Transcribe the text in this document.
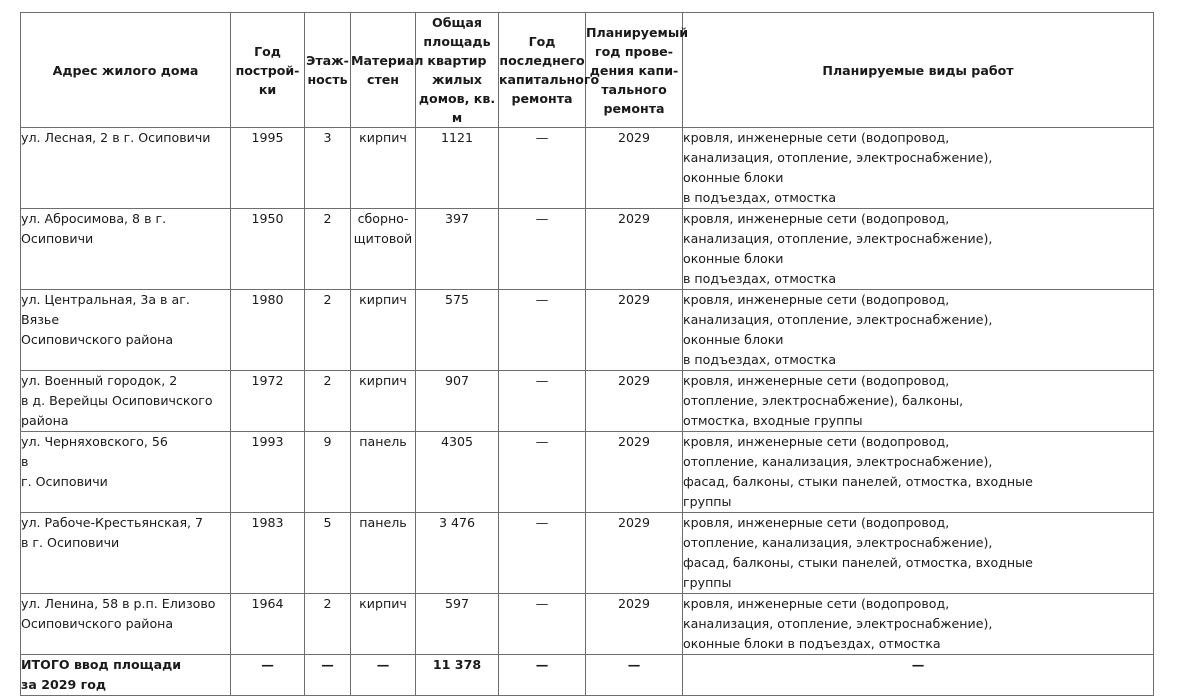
Адрес жилого дома	Год
построй-
ки	Этаж-
ность	Материал
стен	Общая
площадь
квартир
жилых
домов, кв. м	Год
последнего
капитального
ремонта	Планируемый
год прове-
дения капи-
тального
ремонта	Планируемые виды работ

ул. Лесная, 2 в г. Осиповичи	1995	3	кирпич	1121	—	2029	кровля, инженерные сети (водопровод,
канализация, отопление, электроснабжение),
оконные блоки
в подъездах, отмостка

ул. Абросимова, 8 в г. Осиповичи	1950	2	сборно-
щитовой	397	—	2029	кровля, инженерные сети (водопровод,
канализация, отопление, электроснабжение),
оконные блоки
в подъездах, отмостка

ул. Центральная, 3а в аг. Вязье
Осиповичского района	1980	2	кирпич	575	—	2029	кровля, инженерные сети (водопровод,
канализация, отопление, электроснабжение),
оконные блоки
в подъездах, отмостка

ул. Военный городок, 2
в д. Верейцы Осиповичского
района	1972	2	кирпич	907	—	2029	кровля, инженерные сети (водопровод,
отопление, электроснабжение), балконы,
отмостка, входные группы

ул. Черняховского, 56
в
г. Осиповичи	1993	9	панель	4305	—	2029	кровля, инженерные сети (водопровод,
отопление, канализация, электроснабжение),
фасад, балконы, стыки панелей, отмостка, входные
группы

ул. Рабоче-Крестьянская, 7
в г. Осиповичи	1983	5	панель	3 476	—	2029	кровля, инженерные сети (водопровод,
отопление, канализация, электроснабжение),
фасад, балконы, стыки панелей, отмостка, входные
группы

ул. Ленина, 58 в р.п. Елизово
Осиповичского района	1964	2	кирпич	597	—	2029	кровля, инженерные сети (водопровод,
канализация, отопление, электроснабжение),
оконные блоки в подъездах, отмостка

ИТОГО ввод площади
за 2029 год	—	—	—	11 378	—	—	—
